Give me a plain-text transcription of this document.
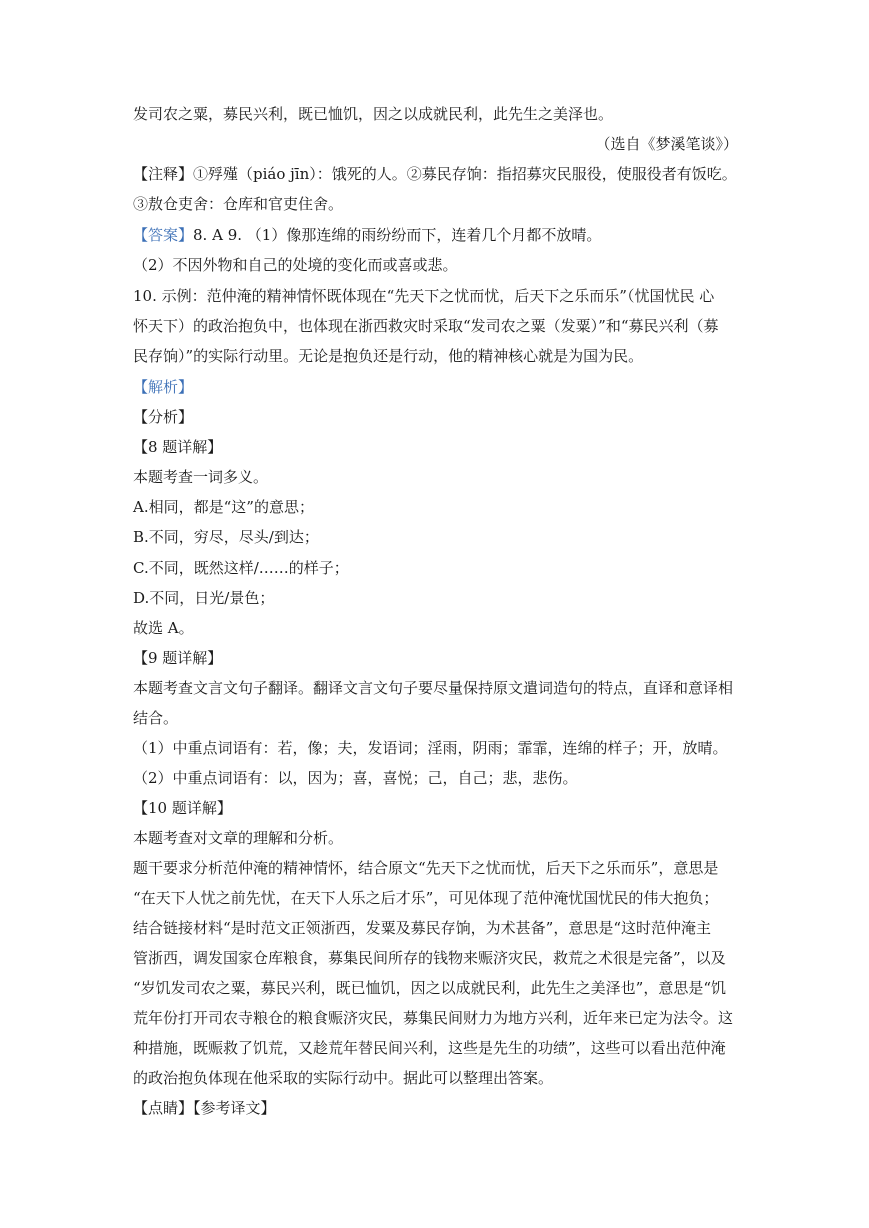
发司农之粟，募民兴利，既已恤饥，因之以成就民利，此先生之美泽也。
（选自《梦溪笔谈》）
【注释】①殍殣（piáo jīn）：饿死的人。②募民存饷：指招募灾民服役，使服役者有饭吃。
③敖仓吏舍：仓库和官吏住舍。
【答案】8. A 9. （1）像那连绵的雨纷纷而下，连着几个月都不放晴。
（2）不因外物和自己的处境的变化而或喜或悲。
10. 示例：范仲淹的精神情怀既体现在“先天下之忧而忧，后天下之乐而乐”（忧国忧民 心
怀天下）的政治抱负中，也体现在浙西救灾时采取“发司农之粟（发粟）”和“募民兴利（募
民存饷）”的实际行动里。无论是抱负还是行动，他的精神核心就是为国为民。
【解析】
【分析】
【8 题详解】
本题考查一词多义。
A.相同，都是“这”的意思；
B.不同，穷尽，尽头/到达；
C.不同，既然这样/……的样子；
D.不同，日光/景色；
故选 A。
【9 题详解】
本题考查文言文句子翻译。翻译文言文句子要尽量保持原文遣词造句的特点，直译和意译相
结合。
（1）中重点词语有：若，像；夫，发语词；淫雨，阴雨；霏霏，连绵的样子；开，放晴。
（2）中重点词语有：以，因为；喜，喜悦；己，自己；悲，悲伤。
【10 题详解】
本题考查对文章的理解和分析。
题干要求分析范仲淹的精神情怀，结合原文“先天下之忧而忧，后天下之乐而乐”，意思是
“在天下人忧之前先忧，在天下人乐之后才乐”，可见体现了范仲淹忧国忧民的伟大抱负；
结合链接材料“是时范文正领浙西，发粟及募民存饷，为术甚备”，意思是“这时范仲淹主
管浙西，调发国家仓库粮食，募集民间所存的钱物来赈济灾民，救荒之术很是完备”，以及
“岁饥发司农之粟，募民兴利，既已恤饥，因之以成就民利，此先生之美泽也”，意思是“饥
荒年份打开司农寺粮仓的粮食赈济灾民，募集民间财力为地方兴利，近年来已定为法令。这
种措施，既赈救了饥荒，又趁荒年替民间兴利，这些是先生的功绩”，这些可以看出范仲淹
的政治抱负体现在他采取的实际行动中。据此可以整理出答案。
【点睛】【参考译文】
